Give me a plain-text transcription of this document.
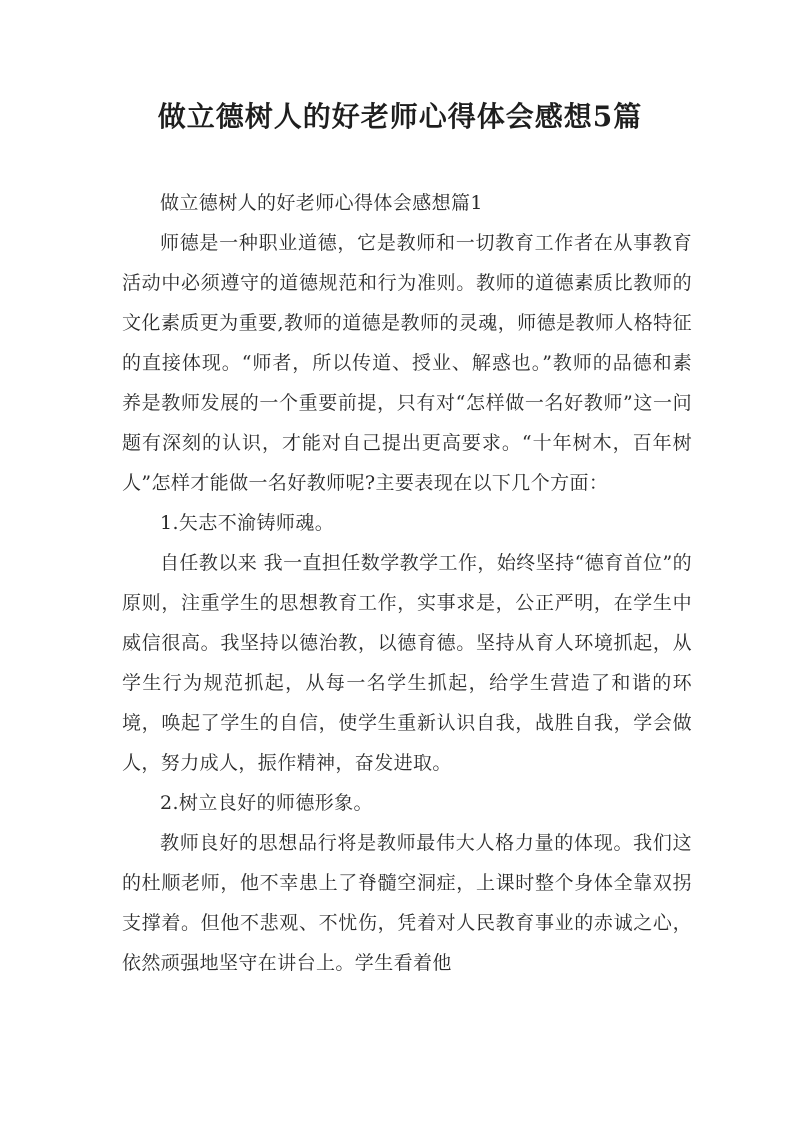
做立德树人的好老师心得体会感想5篇

做立德树人的好老师心得体会感想篇1

师德是一种职业道德，它是教师和一切教育工作者在从事教育活动中必须遵守的道德规范和行为准则。教师的道德素质比教师的文化素质更为重要,教师的道德是教师的灵魂，师德是教师人格特征的直接体现。“师者，所以传道、授业、解惑也。”教师的品德和素养是教师发展的一个重要前提，只有对“怎样做一名好教师”这一问题有深刻的认识，才能对自己提出更高要求。“十年树木，百年树人”怎样才能做一名好教师呢?主要表现在以下几个方面：

1.矢志不渝铸师魂。

自任教以来 我一直担任数学教学工作，始终坚持“德育首位”的原则，注重学生的思想教育工作，实事求是，公正严明，在学生中威信很高。我坚持以德治教，以德育德。坚持从育人环境抓起，从学生行为规范抓起，从每一名学生抓起，给学生营造了和谐的环境，唤起了学生的自信，使学生重新认识自我，战胜自我，学会做人，努力成人，振作精神，奋发进取。

2.树立良好的师德形象。

教师良好的思想品行将是教师最伟大人格力量的体现。我们这的杜顺老师，他不幸患上了脊髓空洞症，上课时整个身体全靠双拐支撑着。但他不悲观、不忧伤，凭着对人民教育事业的赤诚之心，依然顽强地坚守在讲台上。学生看着他
